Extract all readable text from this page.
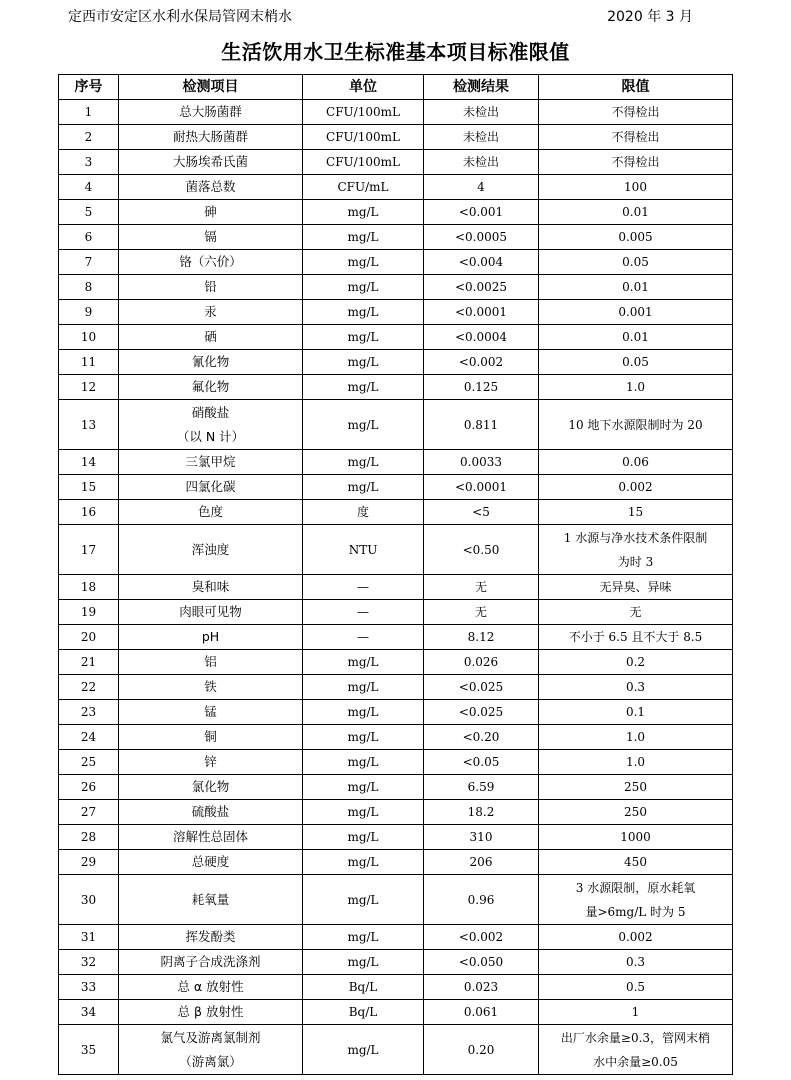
定西市安定区水利水保局管网末梢水	2020 年 3 月
生活饮用水卫生标准基本项目标准限值
序号	检测项目	单位	检测结果	限值
1	总大肠菌群	CFU/100mL	未检出	不得检出

2	耐热大肠菌群	CFU/100mL	未检出	不得检出

3	大肠埃希氏菌	CFU/100mL	未检出	不得检出

4	菌落总数	CFU/mL	4	100

5	砷	mg/L	<0.001	0.01

6	镉	mg/L	<0.0005	0.005

7	铬（六价）	mg/L	<0.004	0.05

8	铅	mg/L	<0.0025	0.01

9	汞	mg/L	<0.0001	0.001

10	硒	mg/L	<0.0004	0.01

11	氰化物	mg/L	<0.002	0.05

12	氟化物	mg/L	0.125	1.0

13	硝酸盐
（以 N 计）	mg/L	0.811	10 地下水源限制时为 20

14	三氯甲烷	mg/L	0.0033	0.06

15	四氯化碳	mg/L	<0.0001	0.002

16	色度	度	<5	15

17	浑浊度	NTU	<0.50	1 水源与净水技术条件限制
为时 3

18	臭和味	—	无	无异臭、异味

19	肉眼可见物	—	无	无

20	pH	—	8.12	不小于 6.5 且不大于 8.5

21	铝	mg/L	0.026	0.2

22	铁	mg/L	<0.025	0.3

23	锰	mg/L	<0.025	0.1

24	铜	mg/L	<0.20	1.0

25	锌	mg/L	<0.05	1.0

26	氯化物	mg/L	6.59	250

27	硫酸盐	mg/L	18.2	250

28	溶解性总固体	mg/L	310	1000

29	总硬度	mg/L	206	450

30	耗氧量	mg/L	0.96	3 水源限制，原水耗氧
量>6mg/L 时为 5

31	挥发酚类	mg/L	<0.002	0.002

32	阴离子合成洗涤剂	mg/L	<0.050	0.3

33	总 α 放射性	Bq/L	0.023	0.5

34	总 β 放射性	Bq/L	0.061	1

35	氯气及游离氯制剂
（游离氯）	mg/L	0.20	出厂水余量≥0.3，管网末梢
水中余量≥0.05
